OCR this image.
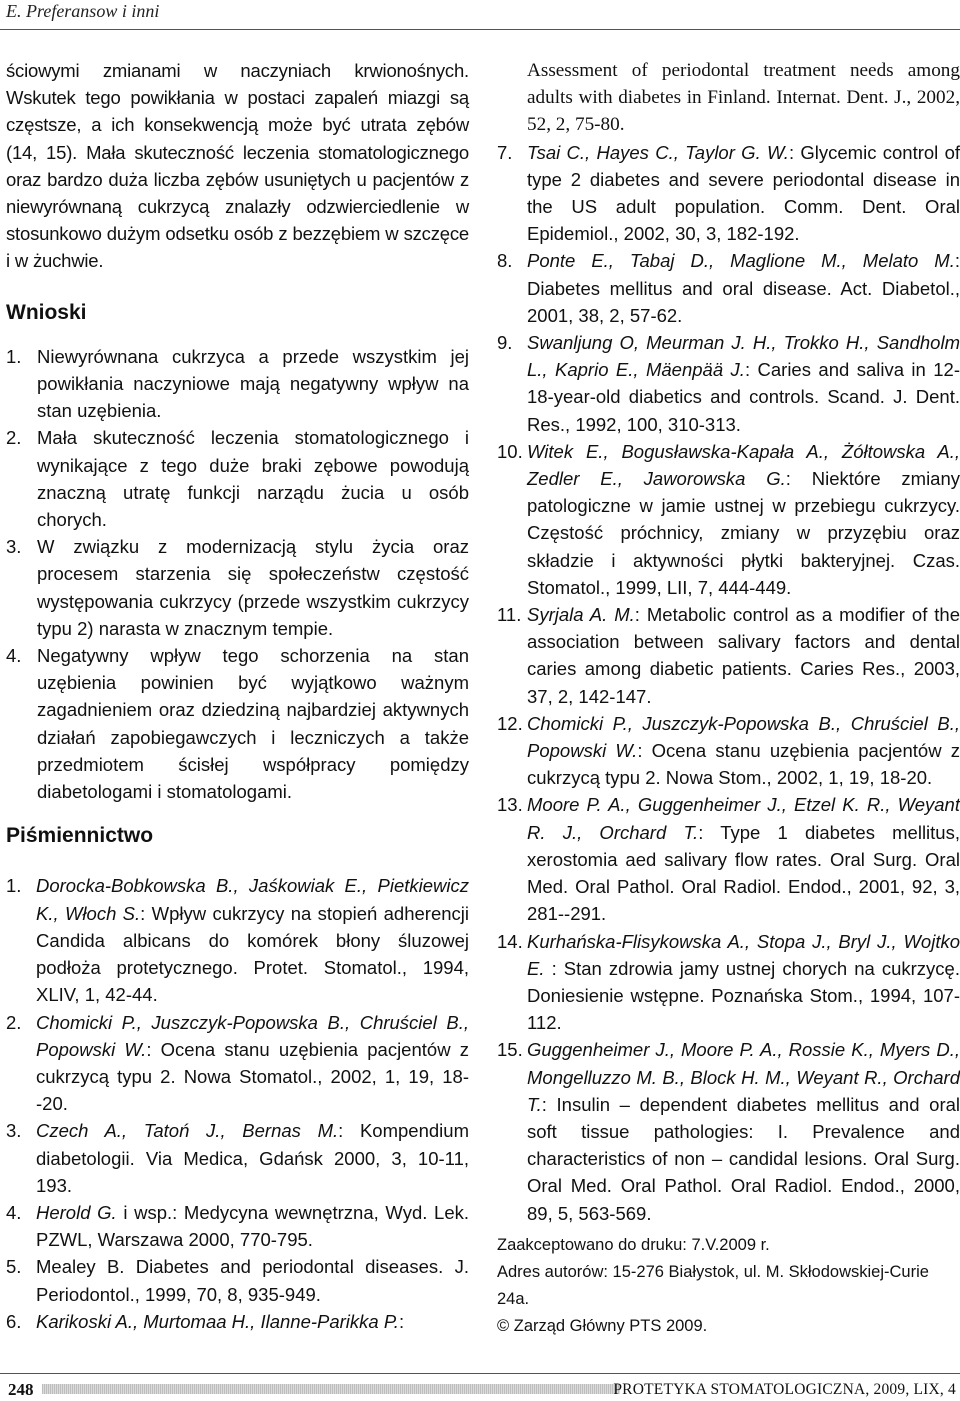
E. Preferansow i inni

ściowymi zmianami w naczyniach krwionośnych. Wskutek tego powikłania w postaci zapaleń miazgi są częstsze, a ich konsekwencją może być utrata zębów (14, 15). Mała skuteczność leczenia stomatologicznego oraz bardzo duża liczba zębów usuniętych u pacjentów z niewyrównaną cukrzycą znalazły odzwierciedlenie w stosunkowo dużym odsetku osób z bezzębiem w szczęce i w żuchwie.

Wnioski
1. Niewyrównana cukrzyca a przede wszystkim jej powikłania naczyniowe mają negatywny wpływ na stan uzębienia.
2. Mała skuteczność leczenia stomatologicznego i wynikające z tego duże braki zębowe powodują znaczną utratę funkcji narządu żucia u osób chorych.
3. W związku z modernizacją stylu życia oraz procesem starzenia się społeczeństw częstość występowania cukrzycy (przede wszystkim cukrzycy typu 2) narasta w znacznym tempie.
4. Negatywny wpływ tego schorzenia na stan uzębienia powinien być wyjątkowo ważnym zagadnieniem oraz dziedziną najbardziej aktywnych działań zapobiegawczych i leczniczych a także przedmiotem ścisłej współpracy pomiędzy diabetologami i stomatologami.
Piśmiennictwo
1. Dorocka-Bobkowska B., Jaśkowiak E., Pietkiewicz K., Włoch S.: Wpływ cukrzycy na stopień adherencji Candida albicans do komórek błony śluzowej podłoża protetycznego. Protet. Stomatol., 1994, XLIV, 1, 42-44.
2. Chomicki P., Juszczyk-Popowska B., Chruściel B., Popowski W.: Ocena stanu uzębienia pacjentów z cukrzycą typu 2. Nowa Stomatol., 2002, 1, 19, 18--20.
3. Czech A., Tatoń J., Bernas M.: Kompendium diabetologii. Via Medica, Gdańsk 2000, 3, 10-11, 193.
4. Herold G. i wsp.: Medycyna wewnętrzna, Wyd. Lek. PZWL, Warszawa 2000, 770-795.
5. Mealey B. Diabetes and periodontal diseases. J. Periodontol., 1999, 70, 8, 935-949.
6. Karikoski A., Murtomaa H., Ilanne-Parikka P.:
Assessment of periodontal treatment needs among adults with diabetes in Finland. Internat. Dent. J., 2002, 52, 2, 75-80.
7. Tsai C., Hayes C., Taylor G. W.: Glycemic control of type 2 diabetes and severe periodontal disease in the US adult population. Comm. Dent. Oral Epidemiol., 2002, 30, 3, 182-192.
8. Ponte E., Tabaj D., Maglione M., Melato M.: Diabetes mellitus and oral disease. Act. Diabetol., 2001, 38, 2, 57-62.
9. Swanljung O, Meurman J. H., Trokko H., Sandholm L., Kaprio E., Mäenpää J.: Caries and saliva in 12-18-year-old diabetics and controls. Scand. J. Dent. Res., 1992, 100, 310-313.
10. Witek E., Bogusławska-Kapała A., Żółtowska A., Zedler E., Jaworowska G.: Niektóre zmiany patologiczne w jamie ustnej w przebiegu cukrzycy. Częstość próchnicy, zmiany w przyzębiu oraz składzie i aktywności płytki bakteryjnej. Czas. Stomatol., 1999, LII, 7, 444-449.
11. Syrjala A. M.: Metabolic control as a modifier of the association between salivary factors and dental caries among diabetic patients. Caries Res., 2003, 37, 2, 142-147.
12. Chomicki P., Juszczyk-Popowska B., Chruściel B., Popowski W.: Ocena stanu uzębienia pacjentów z cukrzycą typu 2. Nowa Stom., 2002, 1, 19, 18-20.
13. Moore P. A., Guggenheimer J., Etzel K. R., Weyant R. J., Orchard T.: Type 1 diabetes mellitus, xerostomia aed salivary flow rates. Oral Surg. Oral Med. Oral Pathol. Oral Radiol. Endod., 2001, 92, 3, 281--291.
14. Kurhańska-Flisykowska A., Stopa J., Bryl J., Wojtko E. : Stan zdrowia jamy ustnej chorych na cukrzycę. Doniesienie wstępne. Poznańska Stom., 1994, 107-112.
15. Guggenheimer J., Moore P. A., Rossie K., Myers D., Mongelluzzo M. B., Block H. M., Weyant R., Orchard T.: Insulin – dependent diabetes mellitus and oral soft tissue pathologies: I. Prevalence and characteristics of non – candidal lesions. Oral Surg. Oral Med. Oral Pathol. Oral Radiol. Endod., 2000, 89, 5, 563-569.
Zaakceptowano do druku: 7.V.2009 r.
Adres autorów: 15-276 Białystok, ul. M. Skłodowskiej-Curie 24a.
© Zarząd Główny PTS 2009.
248	PROTETYKA STOMATOLOGICZNA, 2009, LIX, 4
